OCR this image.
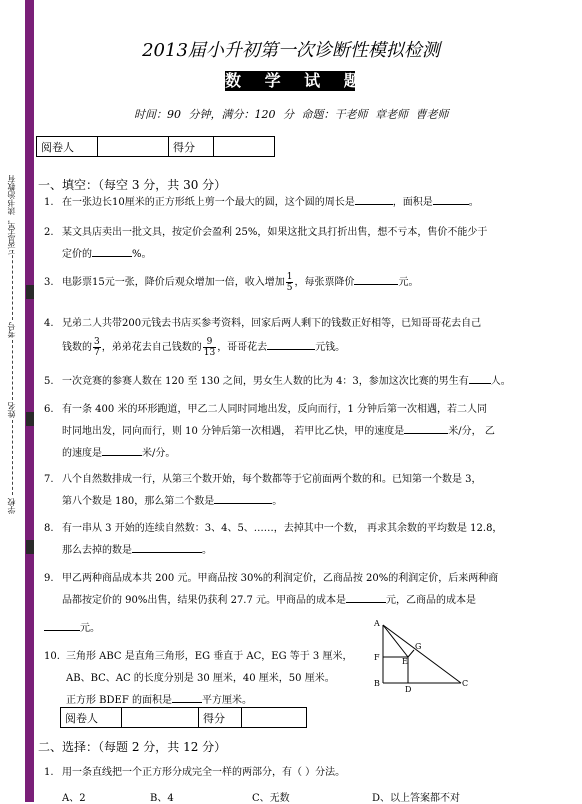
三省学堂，读书治教有
考号
姓名
学校
2013届小升初第一次诊断性模拟检测
数 学 试 题
时间：90 分钟，满分：120 分 命题：干老师 章老师 曹老师
阅卷人		得分	
一、填空：（每空 3 分，共 30 分）
1. 在一张边长10厘米的正方形纸上剪一个最大的圆，这个圆的周长是	，面积是	。
2. 某文具店卖出一批文具，按定价会盈利 25%，如果这批文具打折出售，想不亏本，售价不能少于
定价的	%。
3. 电影票15元一张，降价后观众增加一倍，收入增加 $\frac{1}{5}$ ，每张票降价	元。
4. 兄弟二人共带200元钱去书店买参考资料，回家后两人剩下的钱数正好相等，已知哥哥花去自己
钱数的 $\frac{3}{7}$ ，弟弟花去自己钱数的 $\frac{9}{13}$ ，哥哥花去	元钱。
5. 一次竞赛的参赛人数在 120 至 130 之间，男女生人数的比为 4：3，参加这次比赛的男生有 人。
6. 有一条 400 米的环形跑道，甲乙二人同时同地出发，反向而行，1 分钟后第一次相遇，若二人同
时同地出发，同向而行，则 10 分钟后第一次相遇， 若甲比乙快，甲的速度是	米/分， 乙
的速度是	米/分。
7. 八个自然数排成一行，从第三个数开始，每个数都等于它前面两个数的和。已知第一个数是 3，
第八个数是 180，那么第二个数是	。
8. 有一串从 3 开始的连续自然数：3、4、5、……，去掉其中一个数， 再求其余数的平均数是 12.8，
那么去掉的数是	。
9. 甲乙两种商品成本共 200 元。甲商品按 30%的利润定价，乙商品按 20%的利润定价，后来两种商
品都按定价的 90%出售，结果仍获利 27.7 元。甲商品的成本是	元，乙商品的成本是
元。
10. 三角形 ABC 是直角三角形，EG 垂直于 AC，EG 等于 3 厘米，
AB、BC、AC 的长度分别是 30 厘米，40 厘米，50 厘米。
正方形 BDEF 的面积是	平方厘米。
A
G
F	E
B
D
C
阅卷人		得分	
二、选择：（每题 2 分，共 12 分）
1. 用一条直线把一个正方形分成完全一样的两部分，有（ ）分法。
A、2	B、4	C、无数	D、以上答案都不对
